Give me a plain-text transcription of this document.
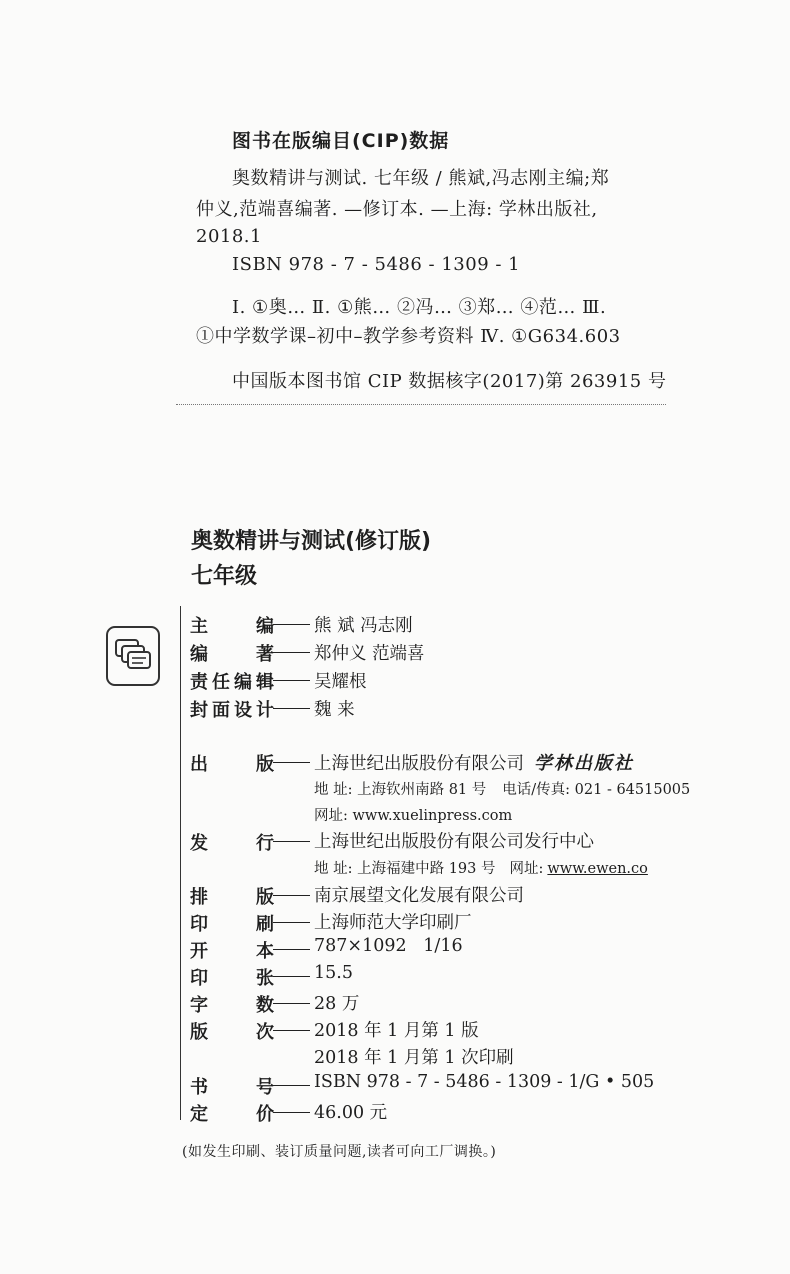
图书在版编目(CIP)数据
奥数精讲与测试. 七年级 / 熊斌,冯志刚主编;郑
仲义,范端喜编著. —修订本. —上海: 学林出版社,
2018.1
ISBN 978 - 7 - 5486 - 1309 - 1
Ⅰ. ①奥… Ⅱ. ①熊… ②冯… ③郑… ④范… Ⅲ.
①中学数学课–初中–教学参考资料 Ⅳ. ①G634.603
中国版本图书馆 CIP 数据核字(2017)第 263915 号
奥数精讲与测试(修订版)
七年级
主	编 熊 斌 冯志刚
编	著 郑仲义 范端喜
责 任 编 辑 吴耀根
封 面 设 计 魏 来
出	版 上海世纪出版股份有限公司 学林出版社
地 址: 上海钦州南路 81 号 电话/传真: 021 - 64515005
网址: www.xuelinpress.com
发	行 上海世纪出版股份有限公司发行中心
地 址: 上海福建中路 193 号 网址: www.ewen.co
排	版 南京展望文化发展有限公司
印	刷 上海师范大学印刷厂
开	本 787×1092   1/16
印	张 15.5
字	数 28 万
版	次 2018 年 1 月第 1 版
2018 年 1 月第 1 次印刷
书	号 ISBN 978 - 7 - 5486 - 1309 - 1/G • 505
定	价 46.00 元
(如发生印刷、装订质量问题,读者可向工厂调换。)
